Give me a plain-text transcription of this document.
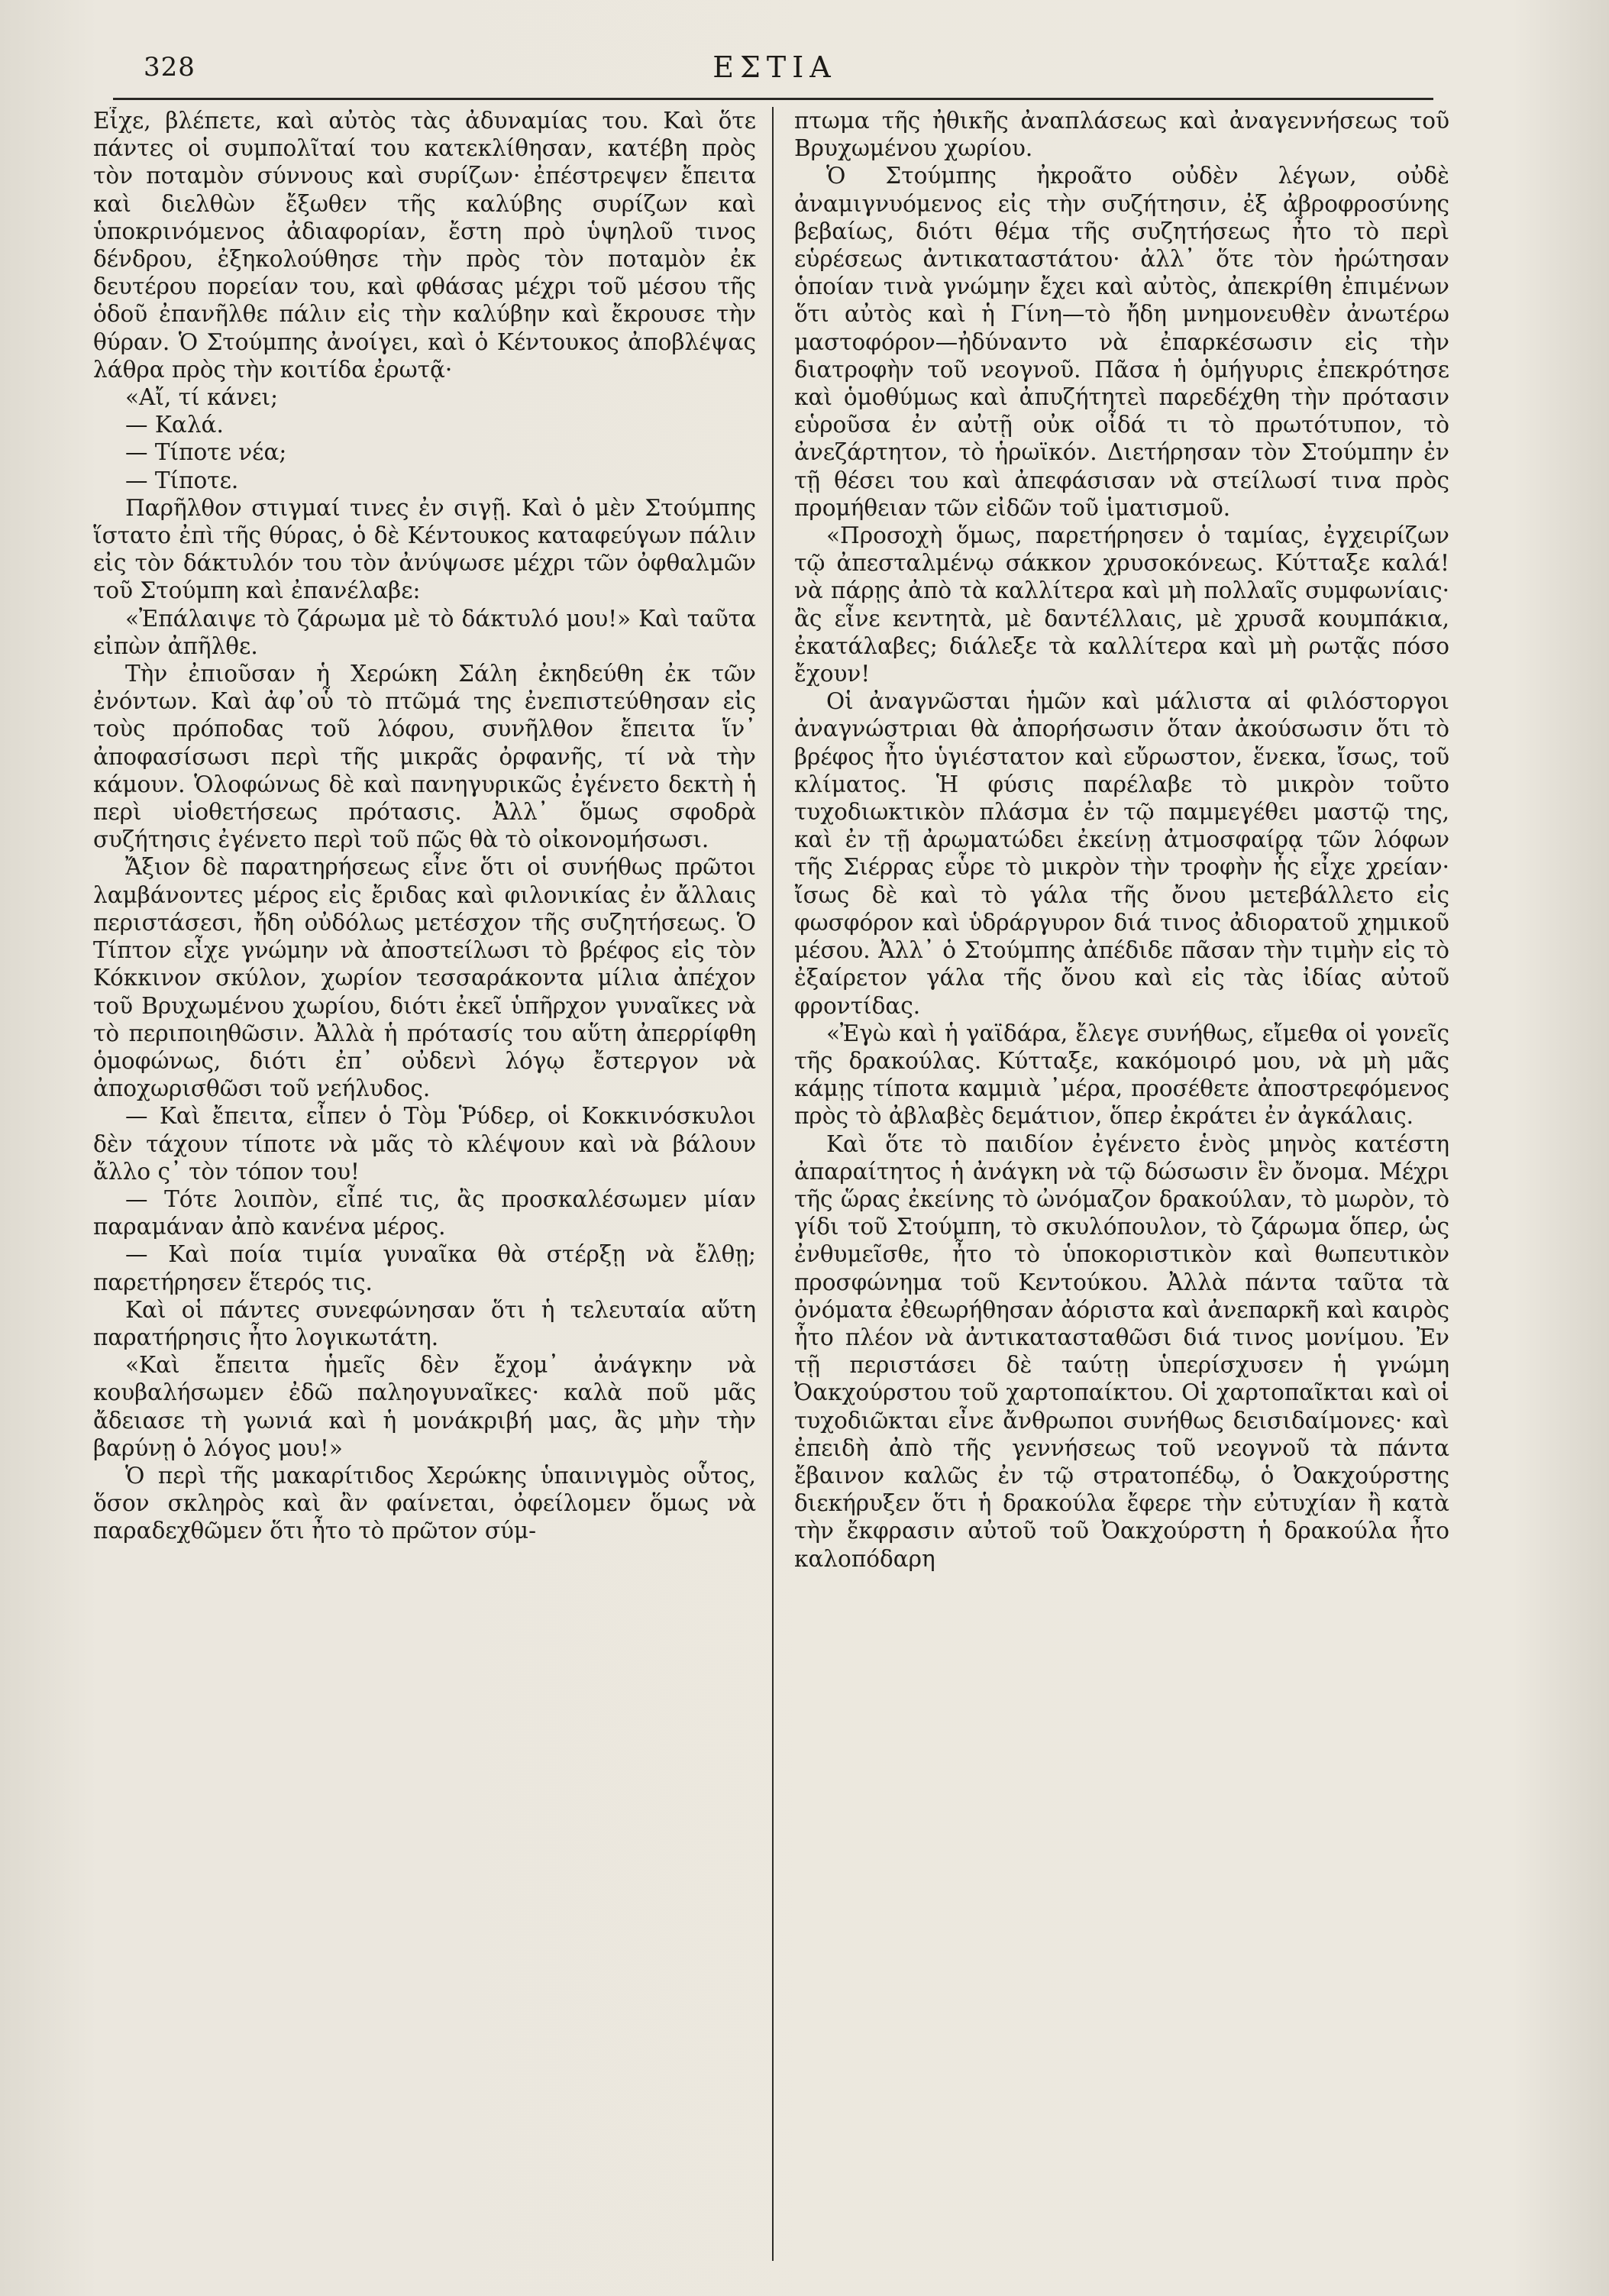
328	ΕΣΤΙΑ

Εἶχε, βλέπετε, καὶ αὐτὸς τὰς ἀδυναμίας του. Καὶ ὅτε πάντες οἱ συμπολῖταί του κατεκλίθησαν, κατέβη πρὸς τὸν ποταμὸν σύννους καὶ συρίζων· ἐπέστρεψεν ἔπειτα καὶ διελθὼν ἔξωθεν τῆς καλύβης συρίζων καὶ ὑποκρινόμενος ἀδιαφορίαν, ἔστη πρὸ ὑψηλοῦ τινος δένδρου, ἐξηκολούθησε τὴν πρὸς τὸν ποταμὸν ἐκ δευτέρου πορείαν του, καὶ φθάσας μέχρι τοῦ μέσου τῆς ὁδοῦ ἐπανῆλθε πάλιν εἰς τὴν καλύβην καὶ ἔκρουσε τὴν θύραν. Ὁ Στούμπης ἀνοίγει, καὶ ὁ Κέντουκος ἀποβλέψας λάθρα πρὸς τὴν κοιτίδα ἐρωτᾷ·

«Αἴ, τί κάνει;

— Καλά.

— Τίποτε νέα;

— Τίποτε.

Παρῆλθον στιγμαί τινες ἐν σιγῇ. Καὶ ὁ μὲν Στούμπης ἵστατο ἐπὶ τῆς θύρας, ὁ δὲ Κέντουκος καταφεύγων πάλιν εἰς τὸν δάκτυλόν του τὸν ἀνύψωσε μέχρι τῶν ὀφθαλμῶν τοῦ Στούμπη καὶ ἐπανέλαβε:

«Ἐπάλαιψε τὸ ζάρωμα μὲ τὸ δάκτυλό μου!» Καὶ ταῦτα εἰπὼν ἀπῆλθε.

Τὴν ἐπιοῦσαν ἡ Χερώκη Σάλη ἐκηδεύθη ἐκ τῶν ἐνόντων. Καὶ ἀφ᾽οὗ τὸ πτῶμά της ἐνεπιστεύθησαν εἰς τοὺς πρόποδας τοῦ λόφου, συνῆλθον ἔπειτα ἵν᾽ ἀποφασίσωσι περὶ τῆς μικρᾶς ὀρφανῆς, τί νὰ τὴν κάμουν. Ὁλοφώνως δὲ καὶ πανηγυρικῶς ἐγένετο δεκτὴ ἡ περὶ υἱοθετήσεως πρότασις. Ἀλλ᾽ ὅμως σφοδρὰ συζήτησις ἐγένετο περὶ τοῦ πῶς θὰ τὸ οἰκονομήσωσι.

Ἄξιον δὲ παρατηρήσεως εἶνε ὅτι οἱ συνήθως πρῶτοι λαμβάνοντες μέρος εἰς ἔριδας καὶ φιλονικίας ἐν ἄλλαις περιστάσεσι, ἤδη οὐδόλως μετέσχον τῆς συζητήσεως. Ὁ Τίπτον εἶχε γνώμην νὰ ἀποστείλωσι τὸ βρέφος εἰς τὸν Κόκκινον σκύλον, χωρίον τεσσαράκοντα μίλια ἀπέχον τοῦ Βρυχωμένου χωρίου, διότι ἐκεῖ ὑπῆρχον γυναῖκες νὰ τὸ περιποιηθῶσιν. Ἀλλὰ ἡ πρότασίς του αὕτη ἀπερρίφθη ὁμοφώνως, διότι ἐπ᾽ οὐδενὶ λόγῳ ἔστεργον νὰ ἀποχωρισθῶσι τοῦ νεήλυδος.

— Καὶ ἔπειτα, εἶπεν ὁ Τὸμ Ῥύδερ, οἱ Κοκκινόσκυλοι δὲν τάχουν τίποτε νὰ μᾶς τὸ κλέψουν καὶ νὰ βάλουν ἄλλο ς᾽ τὸν τόπον του!

— Τότε λοιπὸν, εἶπέ τις, ἂς προσκαλέσωμεν μίαν παραμάναν ἀπὸ κανένα μέρος.

— Καὶ ποία τιμία γυναῖκα θὰ στέρξῃ νὰ ἔλθῃ; παρετήρησεν ἕτερός τις.

Καὶ οἱ πάντες συνεφώνησαν ὅτι ἡ τελευταία αὕτη παρατήρησις ἦτο λογικωτάτη.

«Καὶ ἔπειτα ἡμεῖς δὲν ἔχομ᾽ ἀνάγκην νὰ κουβαλήσωμεν ἐδῶ παληογυναῖκες· καλὰ ποῦ μᾶς ἄδειασε τὴ γωνιά καὶ ἡ μονάκριβή μας, ἂς μὴν τὴν βαρύνῃ ὁ λόγος μου!»

Ὁ περὶ τῆς μακαρίτιδος Χερώκης ὑπαινιγμὸς οὗτος, ὅσον σκληρὸς καὶ ἂν φαίνεται, ὀφείλομεν ὅμως νὰ παραδεχθῶμεν ὅτι ἦτο τὸ πρῶτον σύμ-

πτωμα τῆς ἠθικῆς ἀναπλάσεως καὶ ἀναγεννήσεως τοῦ Βρυχωμένου χωρίου.

Ὁ Στούμπης ἠκροᾶτο οὐδὲν λέγων, οὐδὲ ἀναμιγνυόμενος εἰς τὴν συζήτησιν, ἐξ ἀβροφροσύνης βεβαίως, διότι θέμα τῆς συζητήσεως ἦτο τὸ περὶ εὑρέσεως ἀντικαταστάτου· ἀλλ᾽ ὅτε τὸν ἠρώτησαν ὁποίαν τινὰ γνώμην ἔχει καὶ αὐτὸς, ἀπεκρίθη ἐπιμένων ὅτι αὐτὸς καὶ ἡ Γίνη—τὸ ἤδη μνημονευθὲν ἀνωτέρω μαστοφόρον—ἠδύναντο νὰ ἐπαρκέσωσιν εἰς τὴν διατροφὴν τοῦ νεογνοῦ. Πᾶσα ἡ ὁμήγυρις ἐπεκρότησε καὶ ὁμοθύμως καὶ ἀπυζήτητεὶ παρεδέχθη τὴν πρότασιν εὑροῦσα ἐν αὐτῇ οὐκ οἶδά τι τὸ πρωτότυπον, τὸ ἀνεζάρτητον, τὸ ἡρωϊκόν. Διετήρησαν τὸν Στούμπην ἐν τῇ θέσει του καὶ ἀπεφάσισαν νὰ στείλωσί τινα πρὸς προμήθειαν τῶν εἰδῶν τοῦ ἱματισμοῦ.

«Προσοχὴ ὅμως, παρετήρησεν ὁ ταμίας, ἐγχειρίζων τῷ ἀπεσταλμένῳ σάκκον χρυσοκόνεως. Κύτταξε καλά! νὰ πάρῃς ἀπὸ τὰ καλλίτερα καὶ μὴ πολλαῖς συμφωνίαις· ἂς εἶνε κεντητὰ, μὲ δαντέλλαις, μὲ χρυσᾶ κουμπάκια, ἐκατάλαβες; διάλεξε τὰ καλλίτερα καὶ μὴ ρωτᾷς πόσο ἔχουν!

Οἱ ἀναγνῶσται ἡμῶν καὶ μάλιστα αἱ φιλόστοργοι ἀναγνώστριαι θὰ ἀπορήσωσιν ὅταν ἀκούσωσιν ὅτι τὸ βρέφος ἦτο ὑγιέστατον καὶ εὔρωστον, ἕνεκα, ἴσως, τοῦ κλίματος. Ἡ φύσις παρέλαβε τὸ μικρὸν τοῦτο τυχοδιωκτικὸν πλάσμα ἐν τῷ παμμεγέθει μαστῷ της, καὶ ἐν τῇ ἀρωματώδει ἐκείνῃ ἀτμοσφαίρᾳ τῶν λόφων τῆς Σιέρρας εὗρε τὸ μικρὸν τὴν τροφὴν ἧς εἶχε χρείαν· ἴσως δὲ καὶ τὸ γάλα τῆς ὄνου μετεβάλλετο εἰς φωσφόρον καὶ ὑδράργυρον διά τινος ἀδιορατοῦ χημικοῦ μέσου. Ἀλλ᾽ ὁ Στούμπης ἀπέδιδε πᾶσαν τὴν τιμὴν εἰς τὸ ἐξαίρετον γάλα τῆς ὄνου καὶ εἰς τὰς ἰδίας αὐτοῦ φροντίδας.

«Ἐγὼ καὶ ἡ γαϊδάρα, ἔλεγε συνήθως, εἴμεθα οἱ γονεῖς τῆς δρακούλας. Κύτταξε, κακόμοιρό μου, νὰ μὴ μᾶς κάμῃς τίποτα καμμιὰ ᾽μέρα, προσέθετε ἀποστρεφόμενος πρὸς τὸ ἀβλαβὲς δεμάτιον, ὅπερ ἐκράτει ἐν ἀγκάλαις.

Καὶ ὅτε τὸ παιδίον ἐγένετο ἑνὸς μηνὸς κατέστη ἀπαραίτητος ἡ ἀνάγκη νὰ τῷ δώσωσιν ἓν ὄνομα. Μέχρι τῆς ὥρας ἐκείνης τὸ ὠνόμαζον δρακούλαν, τὸ μωρὸν, τὸ γίδι τοῦ Στούμπη, τὸ σκυλόπουλον, τὸ ζάρωμα ὅπερ, ὡς ἐνθυμεῖσθε, ἦτο τὸ ὑποκοριστικὸν καὶ θωπευτικὸν προσφώνημα τοῦ Κεντούκου. Ἀλλὰ πάντα ταῦτα τὰ ὀνόματα ἐθεωρήθησαν ἀόριστα καὶ ἀνεπαρκῆ καὶ καιρὸς ἦτο πλέον νὰ ἀντικατασταθῶσι διά τινος μονίμου. Ἐν τῇ περιστάσει δὲ ταύτῃ ὑπερίσχυσεν ἡ γνώμη Ὀακχούρστου τοῦ χαρτοπαίκτου. Οἱ χαρτοπαῖκται καὶ οἱ τυχοδιῶκται εἶνε ἄνθρωποι συνήθως δεισιδαίμονες· καὶ ἐπειδὴ ἀπὸ τῆς γεννήσεως τοῦ νεογνοῦ τὰ πάντα ἔβαινον καλῶς ἐν τῷ στρατοπέδῳ, ὁ Ὀακχούρστης διεκήρυξεν ὅτι ἡ δρακούλα ἔφερε τὴν εὐτυχίαν ἢ κατὰ τὴν ἔκφρασιν αὐτοῦ τοῦ Ὀακχούρστη ἡ δρακούλα ἦτο καλοπόδαρη
